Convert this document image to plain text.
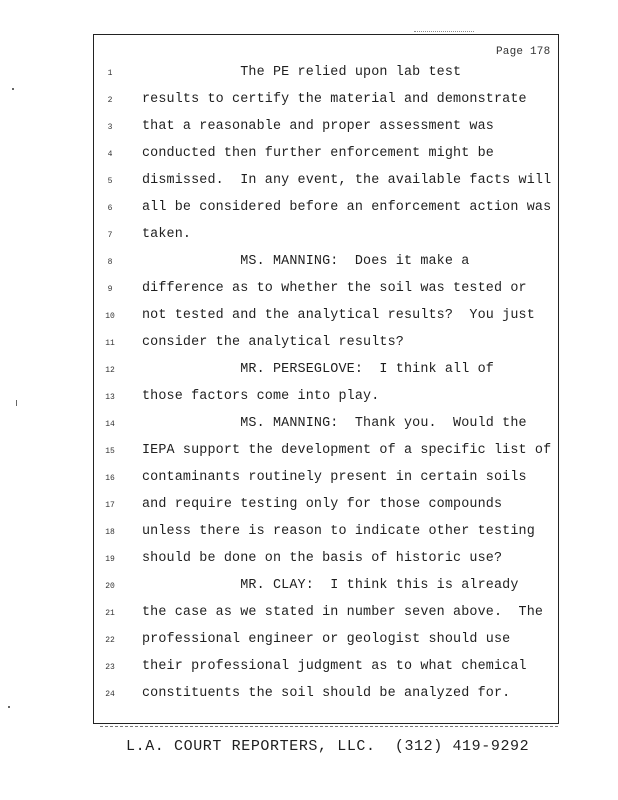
Page 178
1	The PE relied upon lab test
2	results to certify the material and demonstrate
3	that a reasonable and proper assessment was
4	conducted then further enforcement might be
5	dismissed.  In any event, the available facts will
6	all be considered before an enforcement action was
7	taken.
8	MS. MANNING:  Does it make a
9	difference as to whether the soil was tested or
10	not tested and the analytical results?  You just
11	consider the analytical results?
12	MR. PERSEGLOVE:  I think all of
13	those factors come into play.
14	MS. MANNING:  Thank you.  Would the
15	IEPA support the development of a specific list of
16	contaminants routinely present in certain soils
17	and require testing only for those compounds
18	unless there is reason to indicate other testing
19	should be done on the basis of historic use?
20	MR. CLAY:  I think this is already
21	the case as we stated in number seven above.  The
22	professional engineer or geologist should use
23	their professional judgment as to what chemical
24	constituents the soil should be analyzed for.
L.A. COURT REPORTERS, LLC.  (312) 419-9292
